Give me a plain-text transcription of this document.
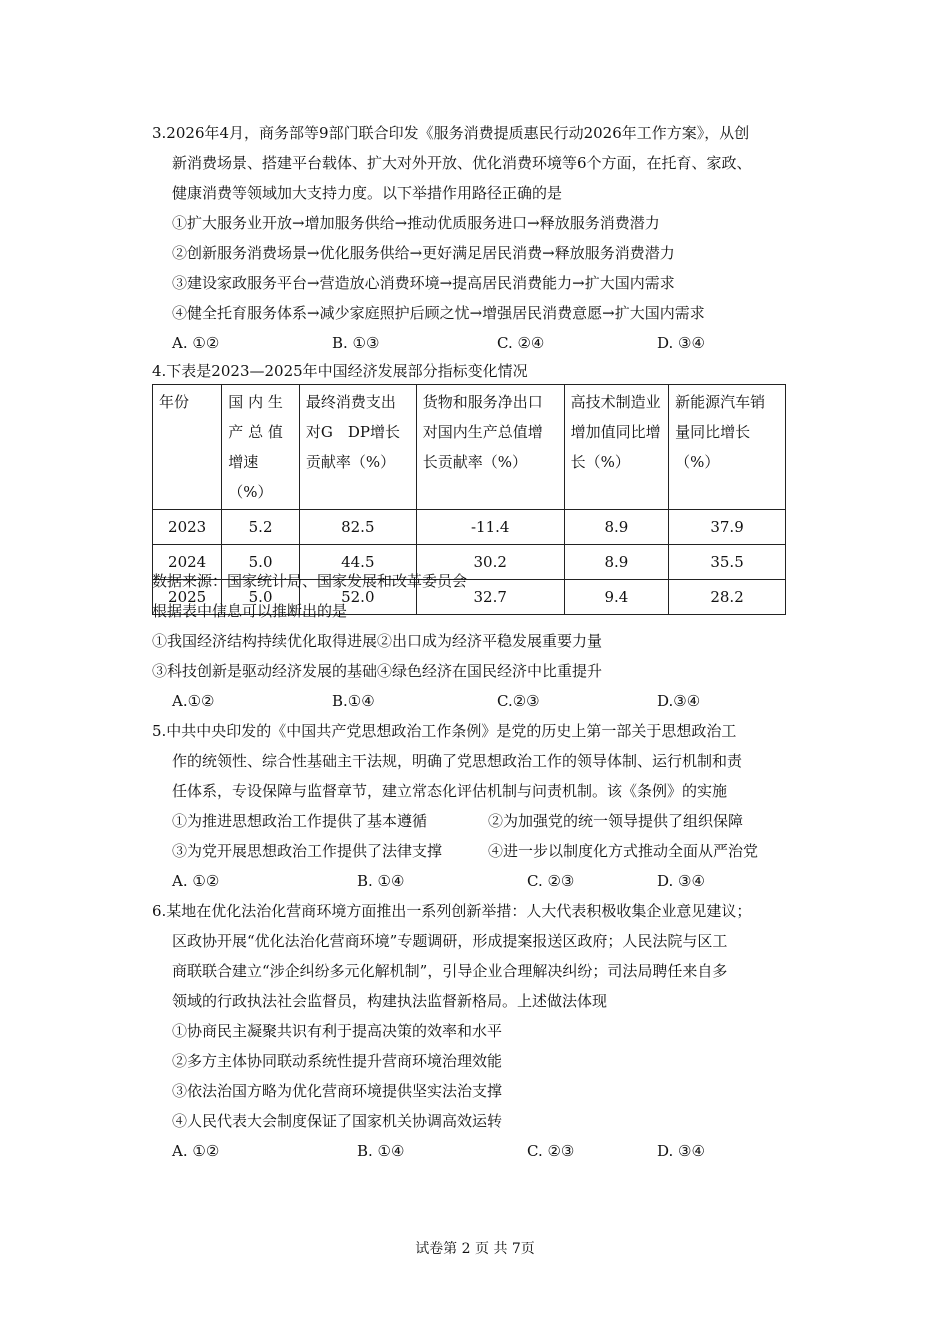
3.2026年4月，商务部等9部门联合印发《服务消费提质惠民行动2026年工作方案》，从创
新消费场景、搭建平台载体、扩大对外开放、优化消费环境等6个方面，在托育、家政、
健康消费等领域加大支持力度。以下举措作用路径正确的是
①扩大服务业开放→增加服务供给→推动优质服务进口→释放服务消费潜力
②创新服务消费场景→优化服务供给→更好满足居民消费→释放服务消费潜力
③建设家政服务平台→营造放心消费环境→提高居民消费能力→扩大国内需求
④健全托育服务体系→减少家庭照护后顾之忧→增强居民消费意愿→扩大国内需求
A. ①②	B. ①③	C. ②④	D. ③④
4.下表是2023—2025年中国经济发展部分指标变化情况
年份	国 内 生 产 总 值 增速（%）	最终消费支出对G　DP增长贡献率（%）	货物和服务净出口对国内生产总值增长贡献率（%）	高技术制造业增加值同比增长（%）	新能源汽车销量同比增长（%）
2023	5.2	82.5	-11.4	8.9	37.9
2024	5.0	44.5	30.2	8.9	35.5
2025	5.0	52.0	32.7	9.4	28.2
数据来源：国家统计局、国家发展和改革委员会
根据表中信息可以推断出的是
①我国经济结构持续优化取得进展②出口成为经济平稳发展重要力量
③科技创新是驱动经济发展的基础④绿色经济在国民经济中比重提升
A.①②	B.①④	C.②③	D.③④
5.中共中央印发的《中国共产党思想政治工作条例》是党的历史上第一部关于思想政治工
作的统领性、综合性基础主干法规，明确了党思想政治工作的领导体制、运行机制和责
任体系，专设保障与监督章节，建立常态化评估机制与问责机制。该《条例》的实施
①为推进思想政治工作提供了基本遵循	②为加强党的统一领导提供了组织保障
③为党开展思想政治工作提供了法律支撑	④进一步以制度化方式推动全面从严治党
A. ①②	B. ①④	C. ②③	D. ③④
6.某地在优化法治化营商环境方面推出一系列创新举措：人大代表积极收集企业意见建议；
区政协开展“优化法治化营商环境”专题调研，形成提案报送区政府；人民法院与区工
商联联合建立“涉企纠纷多元化解机制”，引导企业合理解决纠纷；司法局聘任来自多
领域的行政执法社会监督员，构建执法监督新格局。上述做法体现
①协商民主凝聚共识有利于提高决策的效率和水平
②多方主体协同联动系统性提升营商环境治理效能
③依法治国方略为优化营商环境提供坚实法治支撑
④人民代表大会制度保证了国家机关协调高效运转
A. ①②	B. ①④	C. ②③	D. ③④
试卷第 2 页 共 7页
